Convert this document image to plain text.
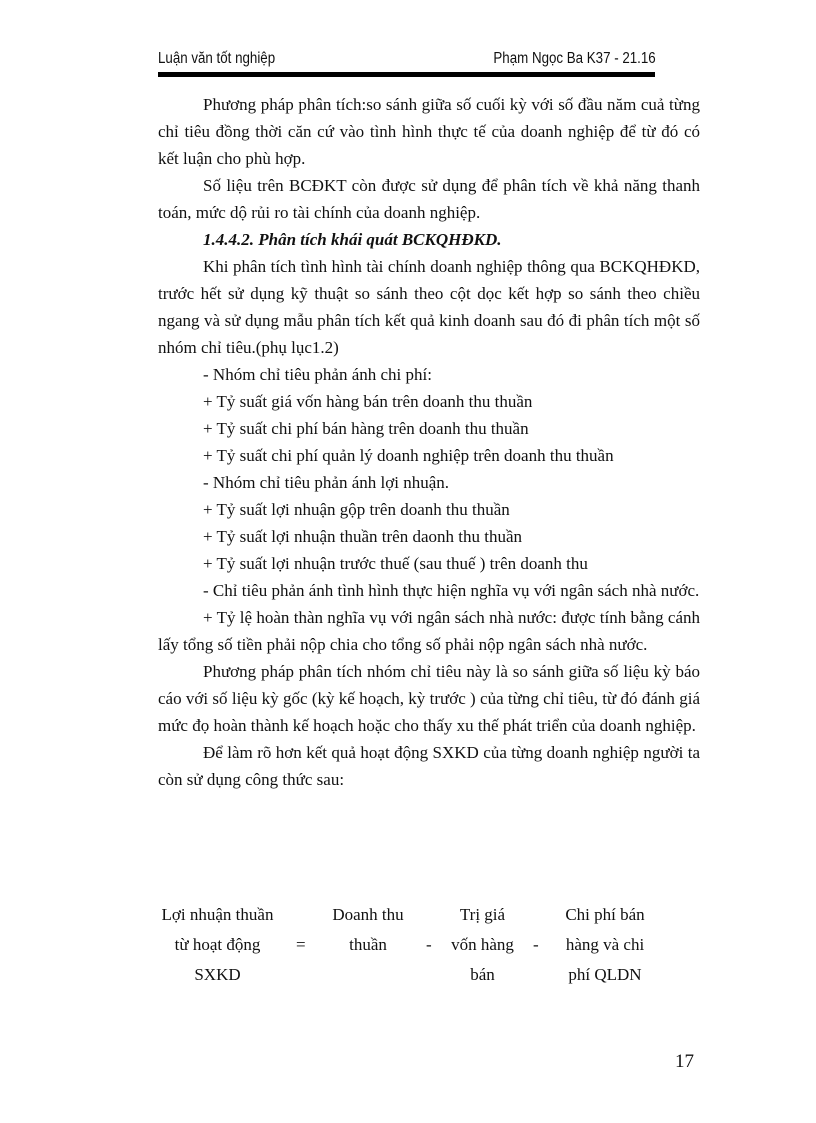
Luận văn tốt nghiệp	Phạm Ngọc Ba K37 - 21.16

Phương pháp phân tích:so sánh giữa số cuối kỳ với số đầu năm cuả từng chỉ tiêu đồng thời căn cứ vào tình hình thực tế của doanh nghiệp để từ đó có kết luận cho phù hợp.

Số liệu trên BCĐKT còn được sử dụng để phân tích về khả năng thanh toán, mức dộ rủi ro tài chính của doanh nghiệp.

1.4.4.2. Phân tích khái quát BCKQHĐKD.

Khi phân tích tình hình tài chính doanh nghiệp thông qua BCKQHĐKD, trước hết sử dụng kỹ thuật so sánh theo cột dọc kết hợp so sánh theo chiều ngang và sử dụng mẫu phân tích kết quả kinh doanh sau đó đi phân tích một số nhóm chỉ tiêu.(phụ lục1.2)

- Nhóm chỉ tiêu phản ánh chi phí:

+ Tỷ suất giá vốn hàng bán trên doanh thu thuần

+ Tỷ suất chi phí bán hàng trên doanh thu thuần

+ Tỷ suất chi phí quản lý doanh nghiệp trên doanh thu thuần

- Nhóm chỉ tiêu phản ánh lợi nhuận.

+ Tỷ suất lợi nhuận gộp trên doanh thu thuần

+ Tỷ suất lợi nhuận thuần trên daonh thu thuần

+ Tỷ suất lợi nhuận trước thuế (sau thuế ) trên doanh thu

- Chỉ tiêu phản ánh tình hình thực hiện nghĩa vụ với ngân sách nhà nước.

+ Tỷ lệ hoàn thàn nghĩa vụ với ngân sách nhà nước: được tính bằng cánh lấy tổng số tiền phải nộp chia cho tổng số phải nộp ngân sách nhà nước.

Phương pháp phân tích nhóm chỉ tiêu này là so sánh giữa số liệu kỳ báo cáo với số liệu kỳ gốc (kỳ kế hoạch, kỳ trước ) của từng chỉ tiêu, từ đó đánh giá mức đọ hoàn thành kế hoạch hoặc cho thấy xu thế phát triển của doanh nghiệp.

Để làm rõ hơn kết quả hoạt động SXKD của từng doanh nghiệp người ta còn sử dụng công thức sau:

Lợi nhuận thuần
từ hoạt động
SXKD
=
Doanh thu
thuần	-
Trị giá
vốn hàng
bán
-
Chi phí bán
hàng và chi
phí QLDN
17
